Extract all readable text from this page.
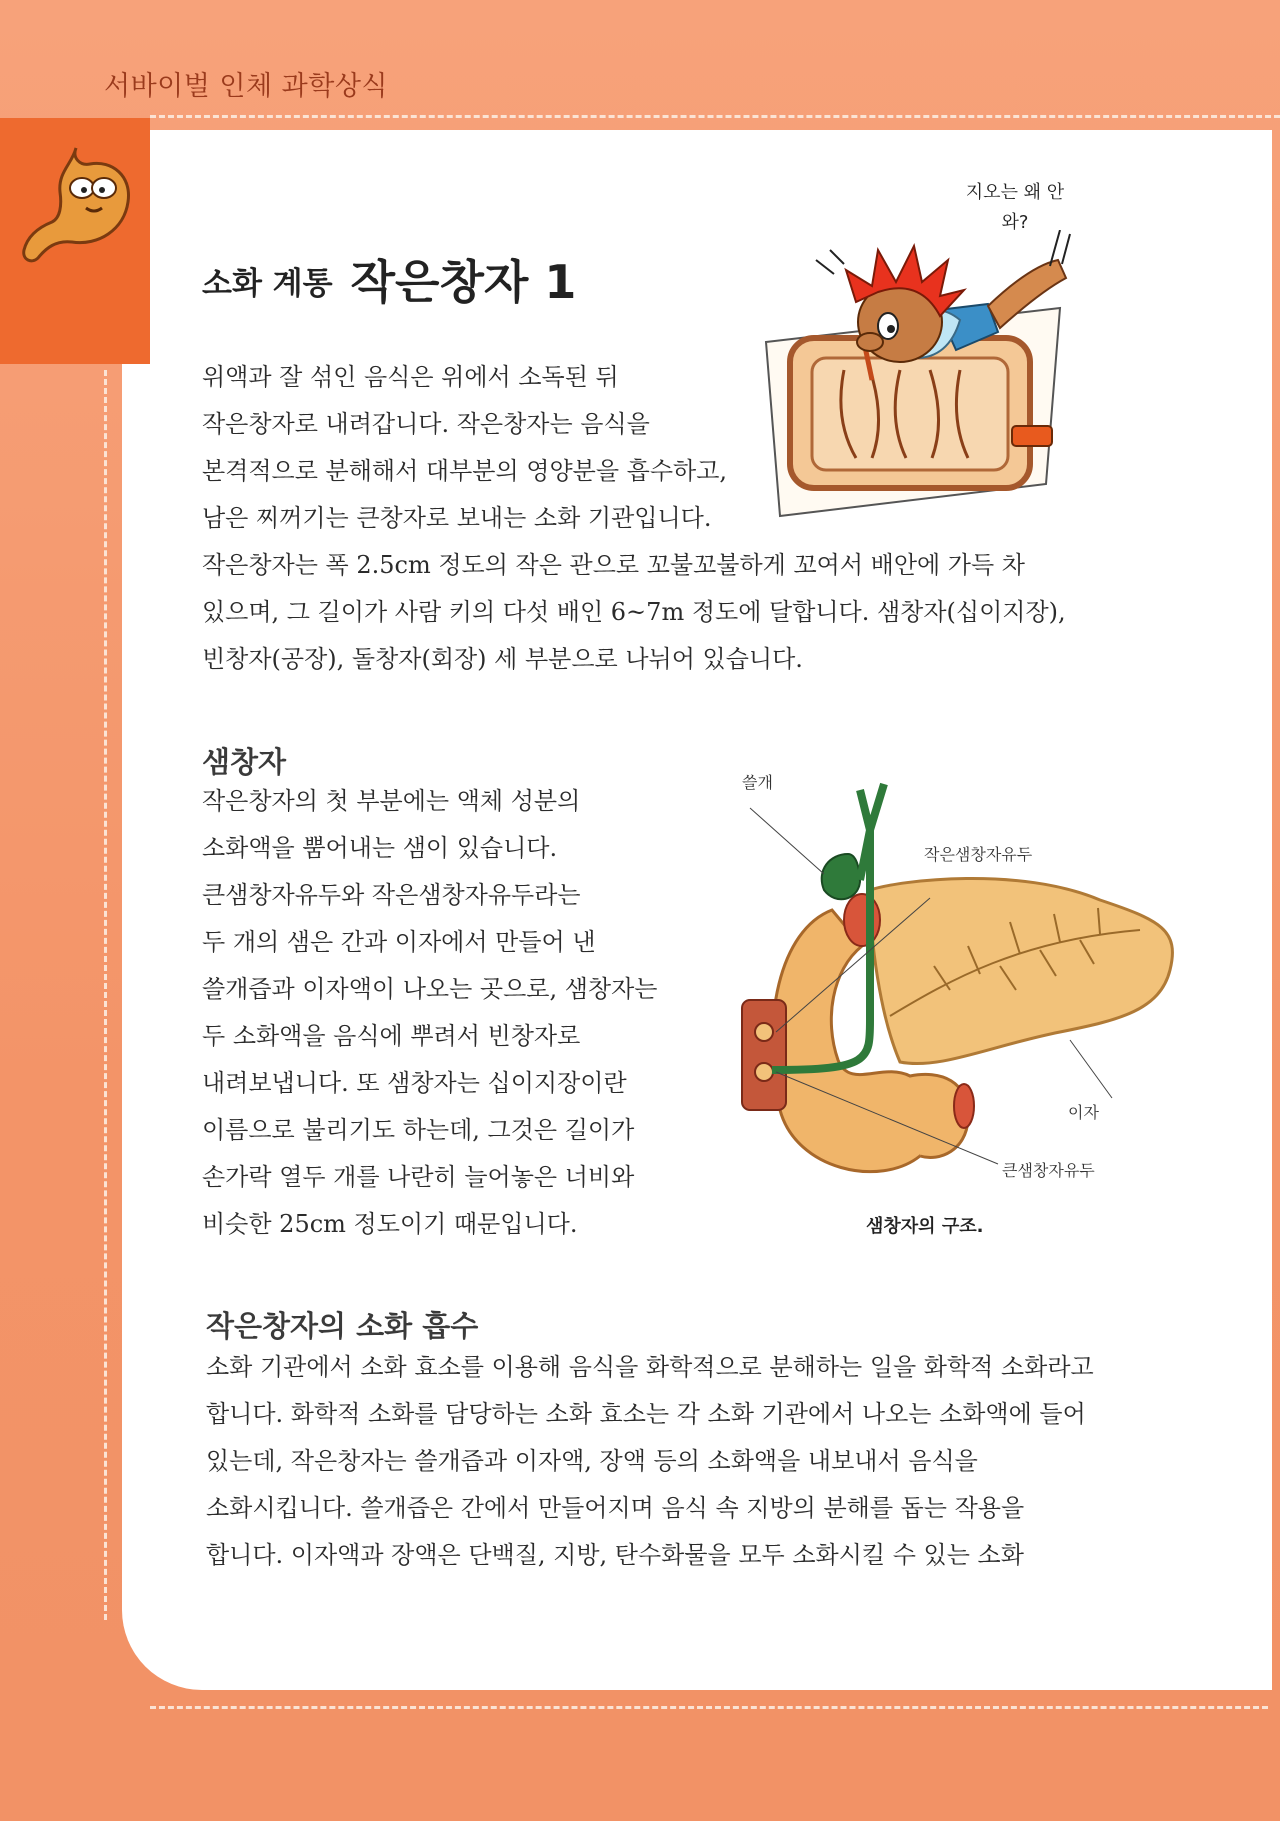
서바이벌 인체 과학상식
Survival
BODY
소화 계통 작은창자 1

위액과 잘 섞인 음식은 위에서 소독된 뒤
작은창자로 내려갑니다. 작은창자는 음식을
본격적으로 분해해서 대부분의 영양분을 흡수하고,
남은 찌꺼기는 큰창자로 보내는 소화 기관입니다.

지오는 왜 안 와?

작은창자는 폭 2.5cm 정도의 작은 관으로 꼬불꼬불하게 꼬여서 배안에 가득 차
있으며, 그 길이가 사람 키의 다섯 배인 6~7m 정도에 달합니다. 샘창자(십이지장),
빈창자(공장), 돌창자(회장) 세 부분으로 나뉘어 있습니다.

샘창자

작은창자의 첫 부분에는 액체 성분의
소화액을 뿜어내는 샘이 있습니다.
큰샘창자유두와 작은샘창자유두라는
두 개의 샘은 간과 이자에서 만들어 낸
쓸개즙과 이자액이 나오는 곳으로, 샘창자는
두 소화액을 음식에 뿌려서 빈창자로
내려보냅니다. 또 샘창자는 십이지장이란
이름으로 불리기도 하는데, 그것은 길이가
손가락 열두 개를 나란히 늘어놓은 너비와
비슷한 25cm 정도이기 때문입니다.

쓸개
작은샘창자유두
이자
큰샘창자유두
샘창자의 구조.
작은창자의 소화 흡수

소화 기관에서 소화 효소를 이용해 음식을 화학적으로 분해하는 일을 화학적 소화라고
합니다. 화학적 소화를 담당하는 소화 효소는 각 소화 기관에서 나오는 소화액에 들어
있는데, 작은창자는 쓸개즙과 이자액, 장액 등의 소화액을 내보내서 음식을
소화시킵니다. 쓸개즙은 간에서 만들어지며 음식 속 지방의 분해를 돕는 작용을
합니다. 이자액과 장액은 단백질, 지방, 탄수화물을 모두 소화시킬 수 있는 소화
